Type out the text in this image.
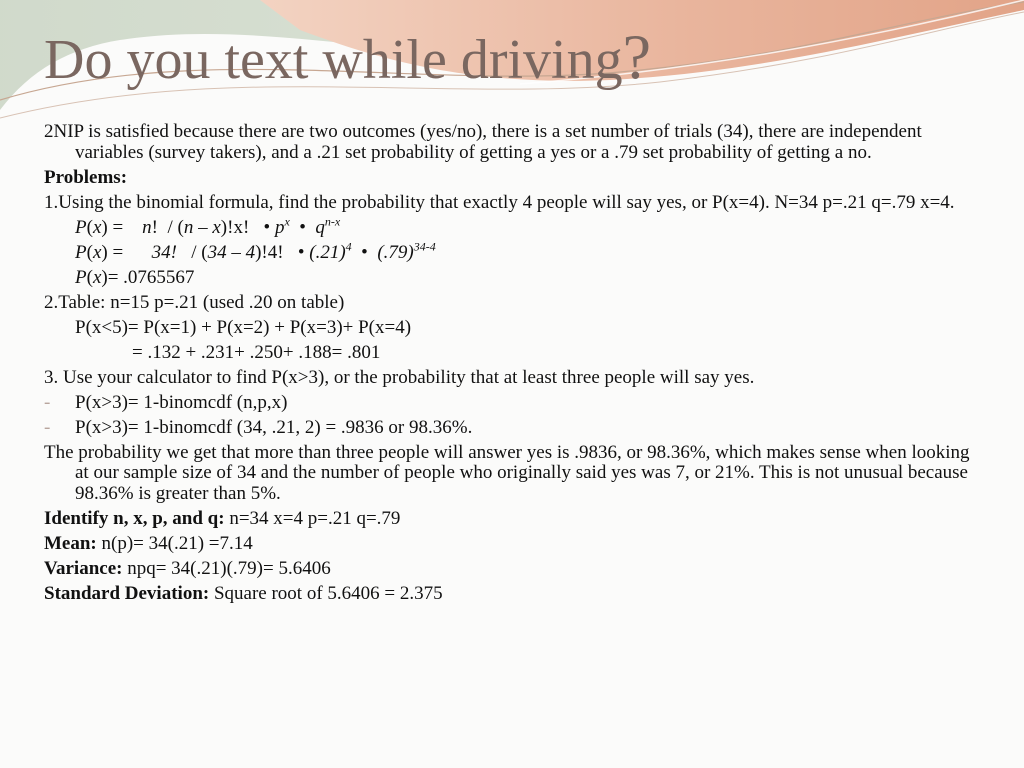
Do you text while driving?
2NIP is satisfied because there are two outcomes (yes/no), there is a set number of trials (34), there are independent variables (survey takers), and a .21 set probability of getting a yes or a .79 set probability of getting a no.
Problems:
1.Using the binomial formula, find the probability that exactly 4 people will say yes, or P(x=4). N=34 p=.21 q=.79 x=4.
P(x) =    n!  / (n – x)!x!   • $p^x$  •  $q^{n-x}$
P(x) =      34!   / (34 – 4)!4!   • $(.21)^4$  •  $(.79)^{34-4}$
P(x)= .0765567
2.Table: n=15 p=.21 (used .20 on table)
P(x<5)= P(x=1) + P(x=2) + P(x=3)+ P(x=4)
= .132 + .231+ .250+ .188= .801
3. Use your calculator to find P(x>3), or the probability that at least three people will say yes.
- P(x>3)= 1-binomcdf (n,p,x)
- P(x>3)= 1-binomcdf (34, .21, 2) = .9836 or 98.36%.
The probability we get that more than three people will answer yes is .9836, or 98.36%, which makes sense when looking at our sample size of 34 and the number of people who originally said yes was 7, or 21%. This is not unusual because 98.36% is greater than 5%.
Identify n, x, p, and q: n=34 x=4 p=.21 q=.79
Mean: n(p)= 34(.21) =7.14
Variance: npq= 34(.21)(.79)= 5.6406
Standard Deviation: Square root of 5.6406 = 2.375
